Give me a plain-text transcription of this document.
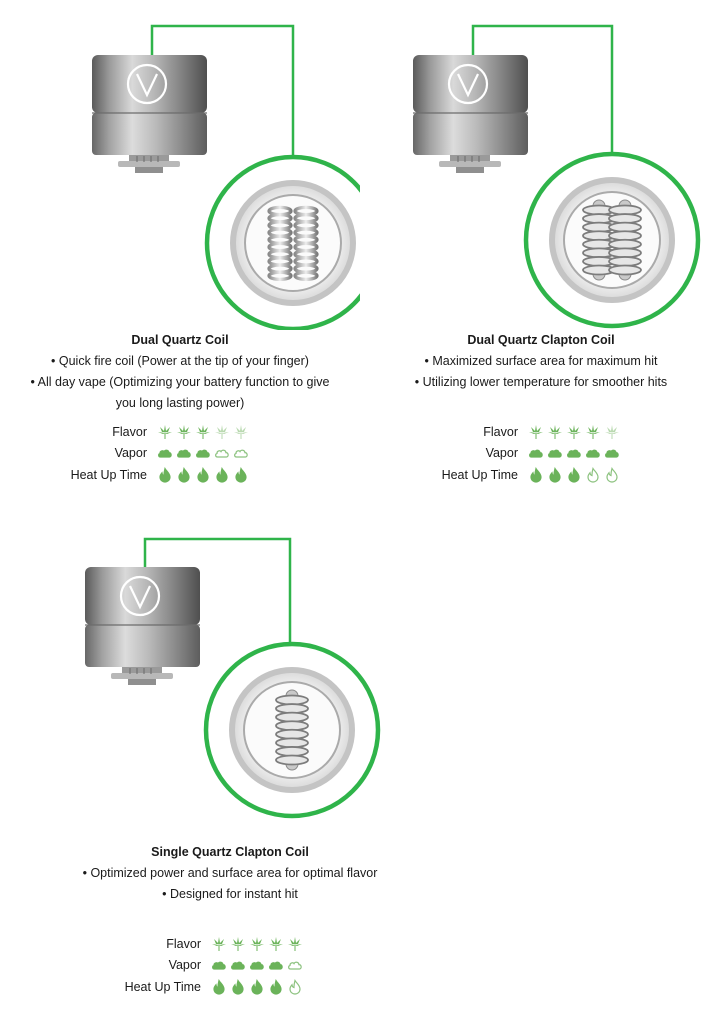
Dual Quartz Coil
• Quick fire coil (Power at the tip of your finger)
• All day vape (Optimizing your battery function to give you long lasting power)
Flavor
Vapor
Heat Up Time
Dual Quartz Clapton Coil
• Maximized surface area for maximum hit
• Utilizing lower temperature for smoother hits
Flavor
Vapor
Heat Up Time
Single Quartz Clapton Coil
• Optimized power and surface area for optimal flavor
• Designed for instant hit
Flavor
Vapor
Heat Up Time
